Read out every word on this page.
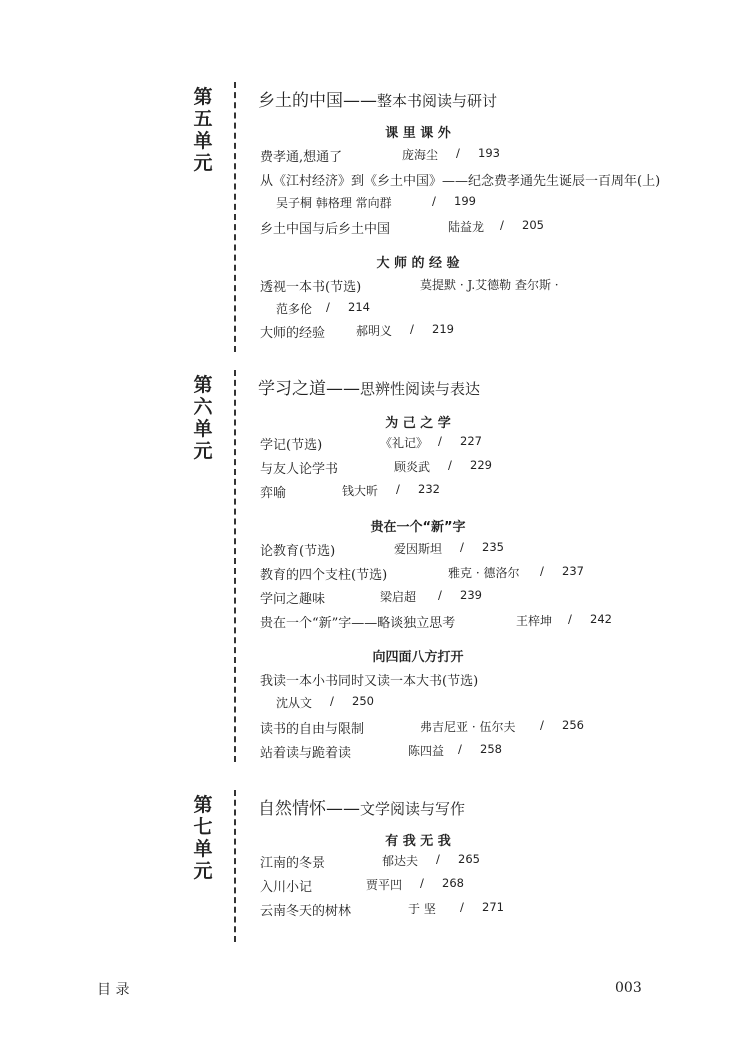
第
五
单
元
乡土的中国——整本书阅读与研讨
课 里 课 外
费孝通,想通了	庞海尘 / 193
从《江村经济》到《乡土中国》——纪念费孝通先生诞辰一百周年(上)
吴子桐 韩格理 常向群	/ 199
乡土中国与后乡土中国	陆益龙 / 205
大 师 的 经 验
透视一本书(节选)	莫提默 · J.艾德勒 查尔斯 ·
范多伦 / 214
大师的经验	郝明义 / 219
第
六
单
元
学习之道——思辨性阅读与表达
为 己 之 学
学记(节选)	《礼记》 / 227
与友人论学书	顾炎武 / 229
弈喻	钱大昕 / 232
贵在一个“新”字
论教育(节选)	爱因斯坦 / 235
教育的四个支柱(节选)	雅克 · 德洛尔 / 237
学问之趣味	梁启超 / 239
贵在一个“新”字——略谈独立思考	王梓坤 / 242
向四面八方打开
我读一本小书同时又读一本大书(节选)
沈从文 / 250
读书的自由与限制	弗吉尼亚 · 伍尔夫 / 256
站着读与跪着读	陈四益 / 258
第
七
单
元
自然情怀——文学阅读与写作
有 我 无 我
江南的冬景	郁达夫 / 265
入川小记	贾平凹 / 268
云南冬天的树林	于 坚 / 271
目 录	003
